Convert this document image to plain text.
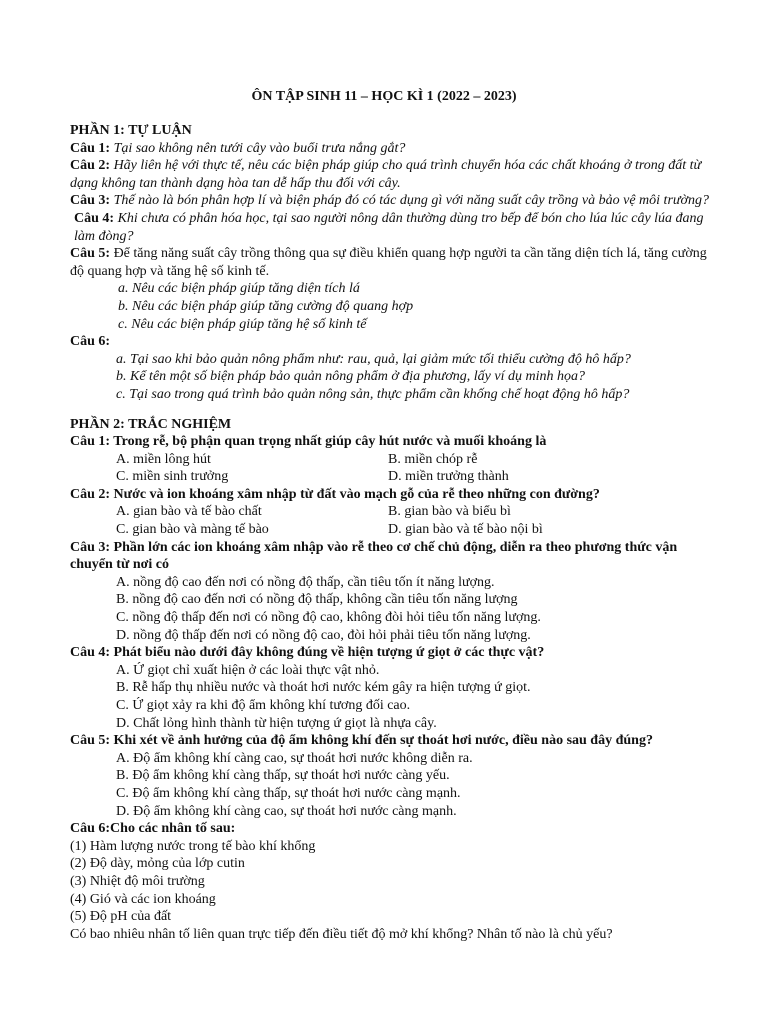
ÔN TẬP SINH 11 – HỌC KÌ 1 (2022 – 2023)

PHẦN 1: TỰ LUẬN

Câu 1: Tại sao không nên tưới cây vào buổi trưa nắng gắt?

Câu 2: Hãy liên hệ với thực tế, nêu các biện pháp giúp cho quá trình chuyển hóa các chất khoáng ở trong đất từ dạng không tan thành dạng hòa tan dễ hấp thu đối với cây.

Câu 3: Thế nào là bón phân hợp lí và biện pháp đó có tác dụng gì với năng suất cây trồng và bảo vệ môi trường?

Câu 4: Khi chưa có phân hóa học, tại sao người nông dân thường dùng tro bếp để bón cho lúa lúc cây lúa đang làm đòng?

Câu 5: Để tăng năng suất cây trồng thông qua sự điều khiển quang hợp người ta cần tăng diện tích lá, tăng cường độ quang hợp và tăng hệ số kinh tế.

a. Nêu các biện pháp giúp tăng diện tích lá

b. Nêu các biện pháp giúp tăng cường độ quang hợp

c. Nêu các biện pháp giúp tăng hệ số kinh tế

Câu 6:

a. Tại sao khi bảo quản nông phẩm như: rau, quả, lại giảm mức tối thiểu cường độ hô hấp?

b. Kể tên một số biện pháp bảo quản nông phẩm ở địa phương, lấy ví dụ minh họa?

c. Tại sao trong quá trình bảo quản nông sản, thực phẩm cần khống chế hoạt động hô hấp?

PHẦN 2: TRẮC NGHIỆM

Câu 1: Trong rễ, bộ phận quan trọng nhất giúp cây hút nước và muối khoáng là

A. miền lông hút	B. miền chóp rễ
C. miền sinh trưởng	D. miền trưởng thành

Câu 2: Nước và ion khoáng xâm nhập từ đất vào mạch gỗ của rễ theo những con đường?

A. gian bào và tế bào chất	B. gian bào và biểu bì
C. gian bào và màng tế bào	D. gian bào và tế bào nội bì

Câu 3: Phần lớn các ion khoáng xâm nhập vào rễ theo cơ chế chủ động, diễn ra theo phương thức vận chuyển từ nơi có

A. nồng độ cao đến nơi có nồng độ thấp, cần tiêu tốn ít năng lượng.

B. nồng độ cao đến nơi có nồng độ thấp, không cần tiêu tốn năng lượng

C. nồng độ thấp đến nơi có nồng độ cao, không đòi hỏi tiêu tốn năng lượng.

D. nồng độ thấp đến nơi có nồng độ cao, đòi hỏi phải tiêu tốn năng lượng.

Câu 4: Phát biểu nào dưới đây không đúng về hiện tượng ứ giọt ở các thực vật?

A. Ứ giọt chỉ xuất hiện ở các loài thực vật nhỏ.

B. Rễ hấp thụ nhiều nước và thoát hơi nước kém gây ra hiện tượng ứ giọt.

C. Ứ giọt xảy ra khi độ ẩm không khí tương đối cao.

D. Chất lỏng hình thành từ hiện tượng ứ giọt là nhựa cây.

Câu 5: Khi xét về ảnh hưởng của độ ẩm không khí đến sự thoát hơi nước, điều nào sau đây đúng?

A. Độ ẩm không khí càng cao, sự thoát hơi nước không diễn ra.

B. Độ ẩm không khí càng thấp, sự thoát hơi nước càng yếu.

C. Độ ẩm không khí càng thấp, sự thoát hơi nước càng mạnh.

D. Độ ẩm không khí càng cao, sự thoát hơi nước càng mạnh.

Câu 6:Cho các nhân tố sau:

(1) Hàm lượng nước trong tế bào khí khổng

(2) Độ dày, mỏng của lớp cutin

(3) Nhiệt độ môi trường

(4) Gió và các ion khoáng

(5) Độ pH của đất

Có bao nhiêu nhân tố liên quan trực tiếp đến điều tiết độ mở khí khổng? Nhân tố nào là chủ yếu?
